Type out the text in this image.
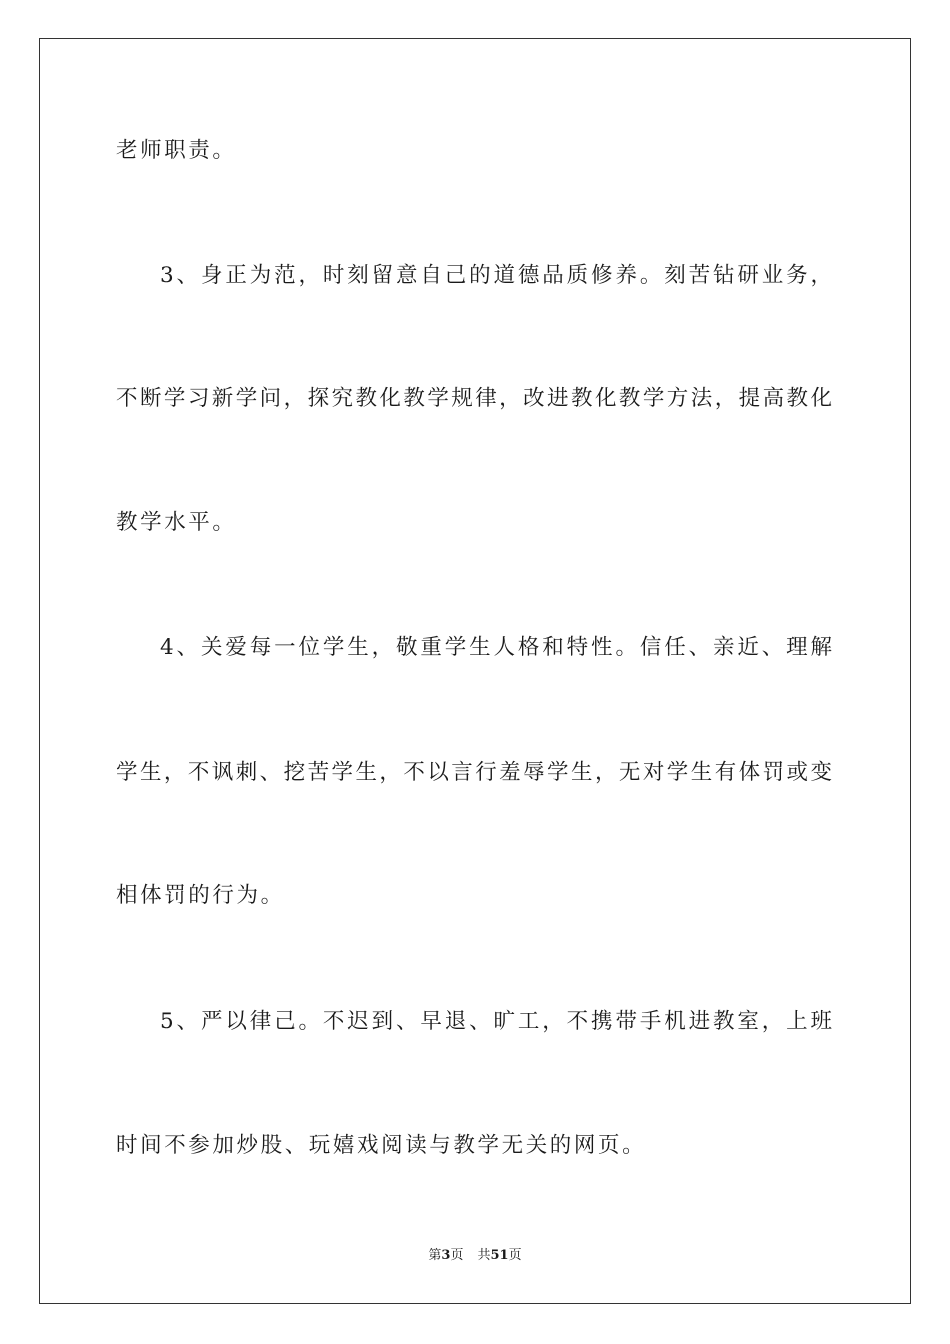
老师职责。
3、身正为范，时刻留意自己的道德品质修养。刻苦钻研业务，
不断学习新学问，探究教化教学规律，改进教化教学方法，提高教化
教学水平。
4、关爱每一位学生，敬重学生人格和特性。信任、亲近、理解
学生，不讽刺、挖苦学生，不以言行羞辱学生，无对学生有体罚或变
相体罚的行为。
5、严以律己。不迟到、早退、旷工，不携带手机进教室，上班
时间不参加炒股、玩嬉戏阅读与教学无关的网页。
第3页 共51页
